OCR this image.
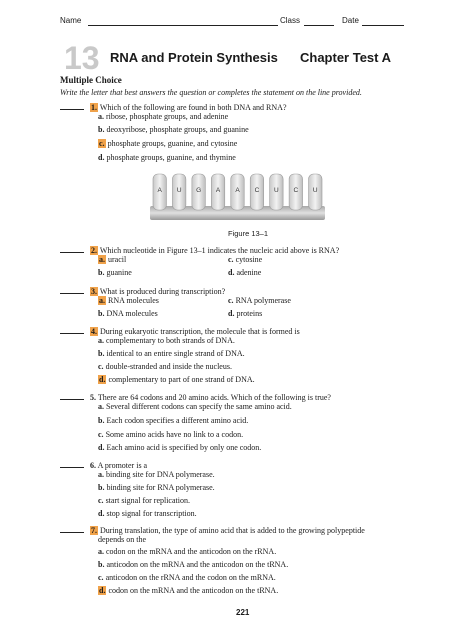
Name	Class	Date
13 RNA and Protein Synthesis Chapter Test A
Multiple Choice
Write the letter that best answers the question or completes the statement on the line provided.
1. Which of the following are found in both DNA and RNA?
a. ribose, phosphate groups, and adenine
b. deoxyribose, phosphate groups, and guanine
c. phosphate groups, guanine, and cytosine
d. phosphate groups, guanine, and thymine
A U G A A C U C U
Figure 13–1
2. Which nucleotide in Figure 13–1 indicates the nucleic acid above is RNA?
a. uracil	c. cytosine
b. guanine	d. adenine
3. What is produced during transcription?
a. RNA molecules	c. RNA polymerase
b. DNA molecules	d. proteins
4. During eukaryotic transcription, the molecule that is formed is
a. complementary to both strands of DNA.
b. identical to an entire single strand of DNA.
c. double-stranded and inside the nucleus.
d. complementary to part of one strand of DNA.
5. There are 64 codons and 20 amino acids. Which of the following is true?
a. Several different codons can specify the same amino acid.
b. Each codon specifies a different amino acid.
c. Some amino acids have no link to a codon.
d. Each amino acid is specified by only one codon.
6. A promoter is a
a. binding site for DNA polymerase.
b. binding site for RNA polymerase.
c. start signal for replication.
d. stop signal for transcription.
7. During translation, the type of amino acid that is added to the growing polypeptide
depends on the
a. codon on the mRNA and the anticodon on the rRNA.
b. anticodon on the mRNA and the anticodon on the tRNA.
c. anticodon on the rRNA and the codon on the mRNA.
d. codon on the mRNA and the anticodon on the tRNA.
221
